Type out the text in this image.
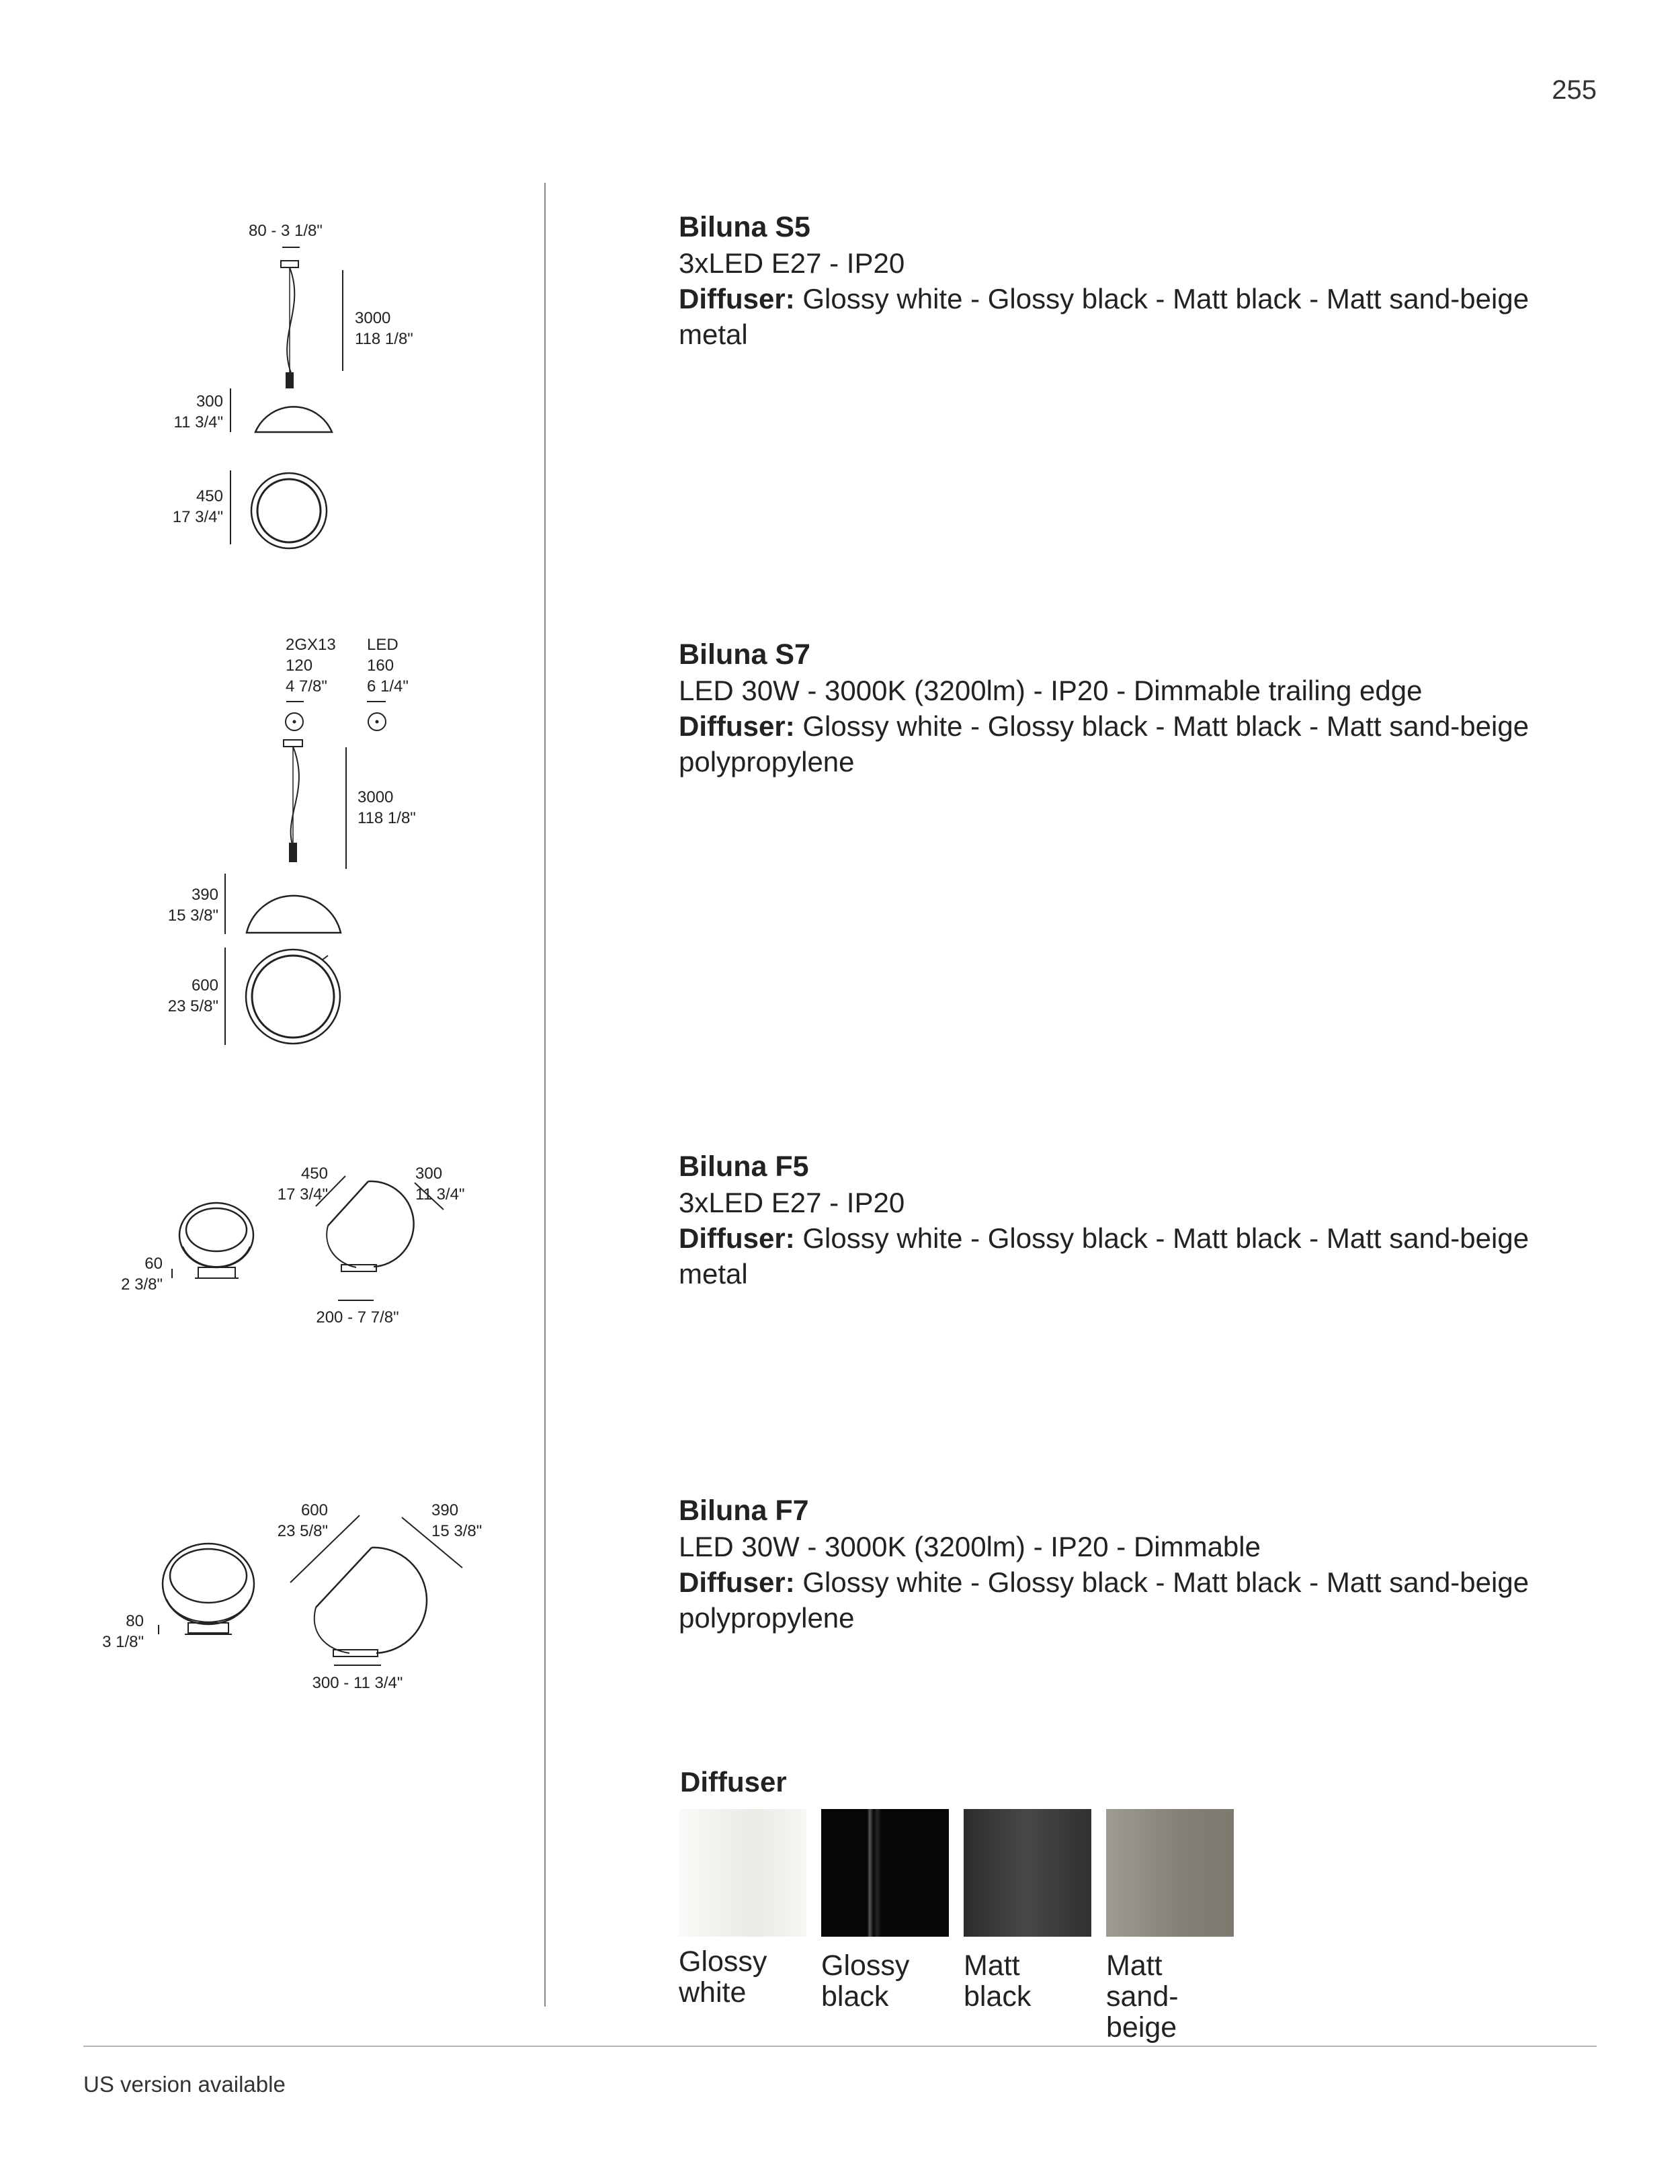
255
80 - 3 1/8"
3000
118 1/8"
300
11 3/4"
450
17 3/4"
2GX13
120
4 7/8"
LED
160
6 1/4"
3000
118 1/8"
390
15 3/8"
600
23 5/8"
450
17 3/4"
300
11 3/4"
60
2 3/8"
200 - 7 7/8"
600
23 5/8"
390
15 3/8"
80
3 1/8"
300 - 11 3/4"
Biluna S5
3xLED E27 - IP20
Diffuser: Glossy white - Glossy black - Matt black - Matt sand-beige
metal
Biluna S7
LED 30W - 3000K (3200lm) - IP20 - Dimmable trailing edge
Diffuser: Glossy white - Glossy black - Matt black - Matt sand-beige
polypropylene
Biluna F5
3xLED E27 - IP20
Diffuser: Glossy white - Glossy black - Matt black - Matt sand-beige
metal
Biluna F7
LED 30W - 3000K (3200lm) - IP20 - Dimmable
Diffuser: Glossy white - Glossy black - Matt black - Matt sand-beige
polypropylene
Diffuser
Glossy
white
Glossy
black
Matt
black
Matt
sand-beige
US version available
